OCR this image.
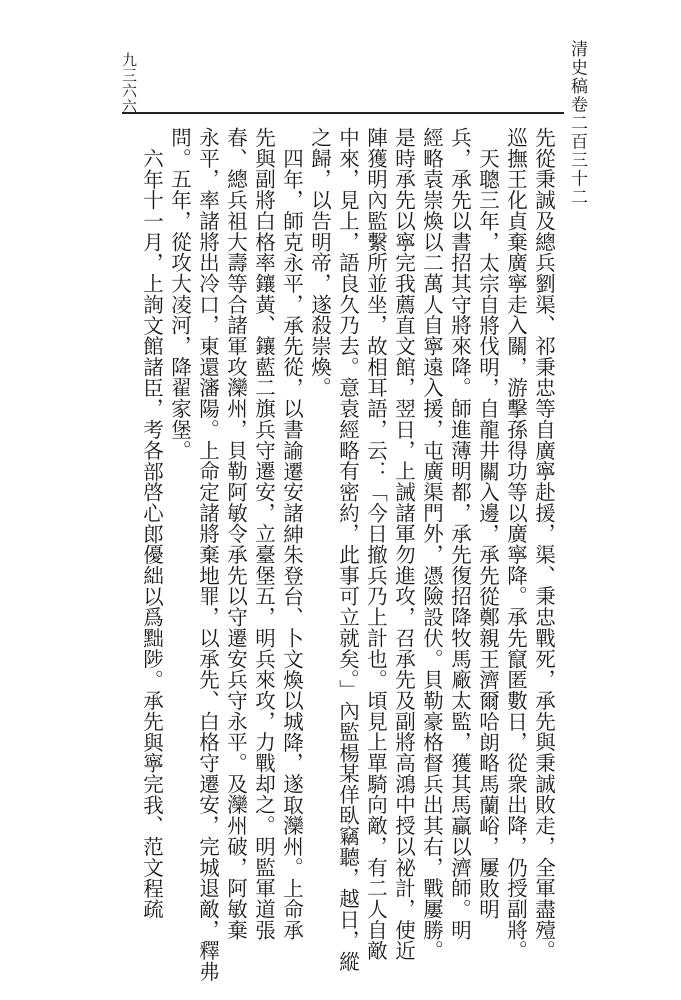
清史稿卷二百三十二
九三六六
先從秉誠及總兵劉渠、祁秉忠等自廣寧赴援，渠、秉忠戰死，承先與秉誠敗走，全軍盡殪。
巡撫王化貞棄廣寧走入關，游擊孫得功等以廣寧降。承先竄匿數日，從衆出降，仍授副將。
天聰三年，太宗自將伐明，自龍井關入邊，承先從鄭親王濟爾哈朗略馬蘭峪，屢敗明
兵，承先以書招其守將來降。師進薄明都，承先復招降牧馬廠太監，獲其馬贏以濟師。明
經略袁崇煥以二萬人自寧遠入援，屯廣渠門外，憑險設伏。貝勒豪格督兵出其右，戰屢勝。
是時承先以寧完我薦直文館，翌日，上誡諸軍勿進攻，召承先及副將高鴻中授以祕計，使近
陣獲明內監繫所並坐，故相耳語，云：「今日撤兵乃上計也。頃見上單騎向敵，有二人自敵
中來，見上，語良久乃去。意袁經略有密約，此事可立就矣。」內監楊某佯臥竊聽，越日，縱
之歸，以告明帝，遂殺崇煥。
四年，師克永平，承先從，以書諭遷安諸紳朱登台、卜文煥以城降，遂取灤州。上命承
先與副將白格率鑲黃、鑲藍二旗兵守遷安，立臺堡五，明兵來攻，力戰却之。明監軍道張
春、總兵祖大壽等合諸軍攻灤州，貝勒阿敏令承先以守遷安兵守永平。及灤州破，阿敏棄
永平，率諸將出冷口，東還瀋陽。上命定諸將棄地罪，以承先、白格守遷安，完城退敵，釋弗
問。五年，從攻大凌河，降翟家堡。
六年十一月，上詢文館諸臣，考各部啓心郎優絀以爲黜陟。承先與寧完我、范文程疏
